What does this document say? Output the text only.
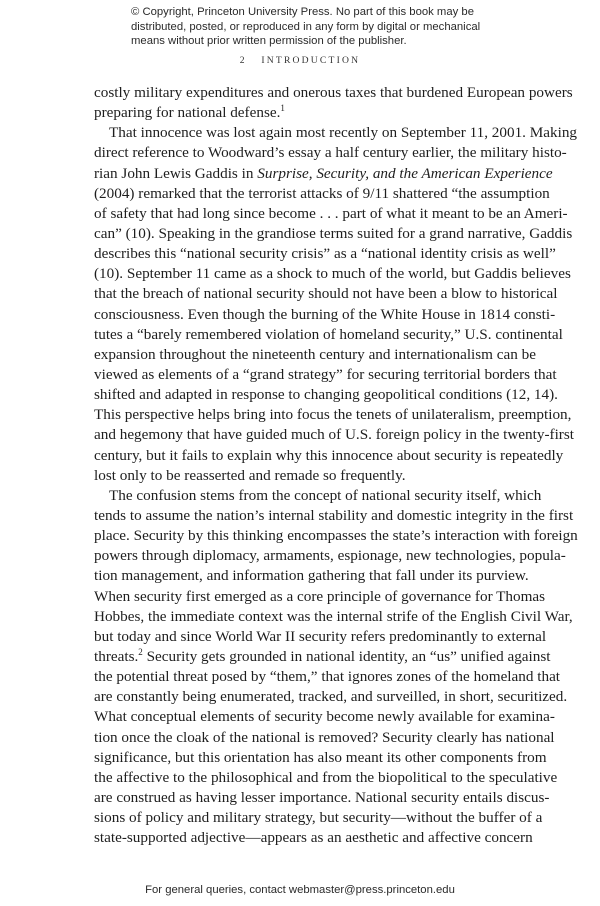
© Copyright, Princeton University Press. No part of this book may be
distributed, posted, or reproduced in any form by digital or mechanical
means without prior written permission of the publisher.
2 INTRODUCTION
costly military expenditures and onerous taxes that burdened European powers
preparing for national defense.$^1$
That innocence was lost again most recently on September 11, 2001. Making
direct reference to Woodward’s essay a half century earlier, the military histo-
rian John Lewis Gaddis in Surprise, Security, and the American Experience
(2004) remarked that the terrorist attacks of 9/11 shattered “the assumption
of safety that had long since become . . . part of what it meant to be an Ameri-
can” (10). Speaking in the grandiose terms suited for a grand narrative, Gaddis
describes this “national security crisis” as a “national identity crisis as well”
(10). September 11 came as a shock to much of the world, but Gaddis believes
that the breach of national security should not have been a blow to historical
consciousness. Even though the burning of the White House in 1814 consti-
tutes a “barely remembered violation of homeland security,” U.S. continental
expansion throughout the nineteenth century and internationalism can be
viewed as elements of a “grand strategy” for securing territorial borders that
shifted and adapted in response to changing geopolitical conditions (12, 14).
This perspective helps bring into focus the tenets of unilateralism, preemption,
and hegemony that have guided much of U.S. foreign policy in the twenty-first
century, but it fails to explain why this innocence about security is repeatedly
lost only to be reasserted and remade so frequently.
The confusion stems from the concept of national security itself, which
tends to assume the nation’s internal stability and domestic integrity in the first
place. Security by this thinking encompasses the state’s interaction with foreign
powers through diplomacy, armaments, espionage, new technologies, popula-
tion management, and information gathering that fall under its purview.
When security first emerged as a core principle of governance for Thomas
Hobbes, the immediate context was the internal strife of the English Civil War,
but today and since World War II security refers predominantly to external
threats.$^2$ Security gets grounded in national identity, an “us” unified against
the potential threat posed by “them,” that ignores zones of the homeland that
are constantly being enumerated, tracked, and surveilled, in short, securitized.
What conceptual elements of security become newly available for examina-
tion once the cloak of the national is removed? Security clearly has national
significance, but this orientation has also meant its other components from
the affective to the philosophical and from the biopolitical to the speculative
are construed as having lesser importance. National security entails discus-
sions of policy and military strategy, but security—without the buffer of a
state-supported adjective—appears as an aesthetic and affective concern
For general queries, contact webmaster@press.princeton.edu
